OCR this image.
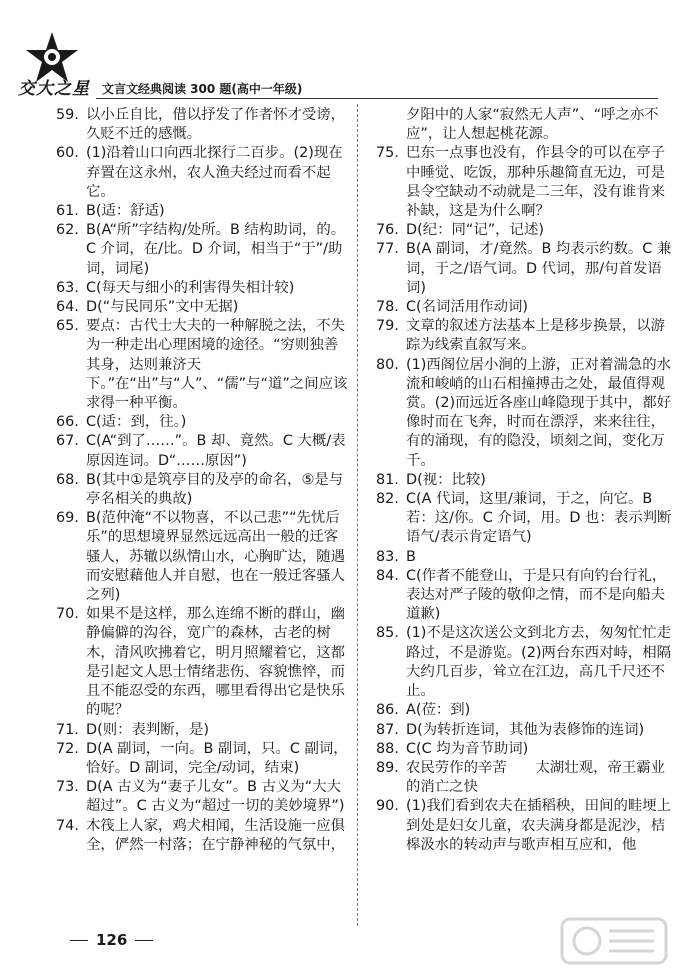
交大之星 文言文经典阅读 300 题(高中一年级)
59. 以小丘自比，借以抒发了作者怀才受谤，久贬不迁的感慨。
60. (1)沿着山口向西北探行二百步。(2)现在弃置在这永州，农人渔夫经过而看不起它。
61. B(适：舒适)
62. B(A“所”字结构/处所。B 结构助词，的。C 介词，在/比。D 介词，相当于“于”/助词，词尾)
63. C(每天与细小的利害得失相计较)
64. D(“与民同乐”文中无据)
65. 要点：古代士大夫的一种解脱之法，不失为一种走出心理困境的途径。“穷则独善其身，达则兼济天下。”在“出”与“人”、“儒”与“道”之间应该求得一种平衡。
66. C(适：到，往。)
67. C(A“到了……”。B 却、竟然。C 大概/表原因连词。D“……原因”)
68. B(其中①是筑亭目的及亭的命名，⑤是与亭名相关的典故)
69. B(范仲淹“不以物喜，不以己悲”“先忧后乐”的思想境界显然远远高出一般的迁客骚人，苏辙以纵情山水，心胸旷达，随遇而安慰藉他人并自慰，也在一般迁客骚人之列)
70. 如果不是这样，那么连绵不断的群山，幽静偏僻的沟谷，宽广的森林，古老的树木，清风吹拂着它，明月照耀着它，这都是引起文人思士情绪悲伤、容貌憔悴，而且不能忍受的东西，哪里看得出它是快乐的呢？
71. D(则：表判断，是)
72. D(A 副词，一向。B 副词，只。C 副词，恰好。D 副词，完全/动词，结束)
73. D(A 古义为“妻子儿女”。B 古义为“大大超过”。C 古义为“超过一切的美妙境界”)
74. 木筏上人家，鸡犬相闻，生活设施一应俱全，俨然一村落；在宁静神秘的气氛中，
夕阳中的人家“寂然无人声”、“呼之亦不应”，让人想起桃花源。
75. 巴东一点事也没有，作县令的可以在亭子中睡觉、吃饭，那种乐趣简直无边，可是县令空缺动不动就是二三年，没有谁肯来补缺，这是为什么啊？
76. D(纪：同“记”，记述)
77. B(A 副词，才/竟然。B 均表示约数。C 兼词，于之/语气词。D 代词，那/句首发语词)
78. C(名词活用作动词)
79. 文章的叙述方法基本上是移步换景，以游踪为线索直叙写来。
80. (1)西阁位居小涧的上游，正对着湍急的水流和峻峭的山石相撞搏击之处，最值得观赏。(2)而远近各座山峰隐现于其中，都好像时而在飞奔，时而在漂浮，来来往往，有的涌现，有的隐没，顷刻之间，变化万千。
81. D(视：比较)
82. C(A 代词，这里/兼词，于之，向它。B 若：这/你。C 介词，用。D 也：表示判断语气/表示肯定语气)
83. B
84. C(作者不能登山，于是只有向钓台行礼，表达对严子陵的敬仰之情，而不是向船夫道歉)
85. (1)不是这次送公文到北方去，匆匆忙忙走路过，不是游览。(2)两台东西对峙，相隔大约几百步，耸立在江边，高几千尺还不止。
86. A(莅：到)
87. D(为转折连词，其他为表修饰的连词)
88. C(C 均为音节助词)
89. 农民劳作的辛苦　　太湖壮观，帝王霸业的消亡之快
90. (1)我们看到农夫在插稻秧，田间的畦埂上到处是妇女儿童，农夫满身都是泥沙，桔槔汲水的转动声与歌声相互应和，他
126
